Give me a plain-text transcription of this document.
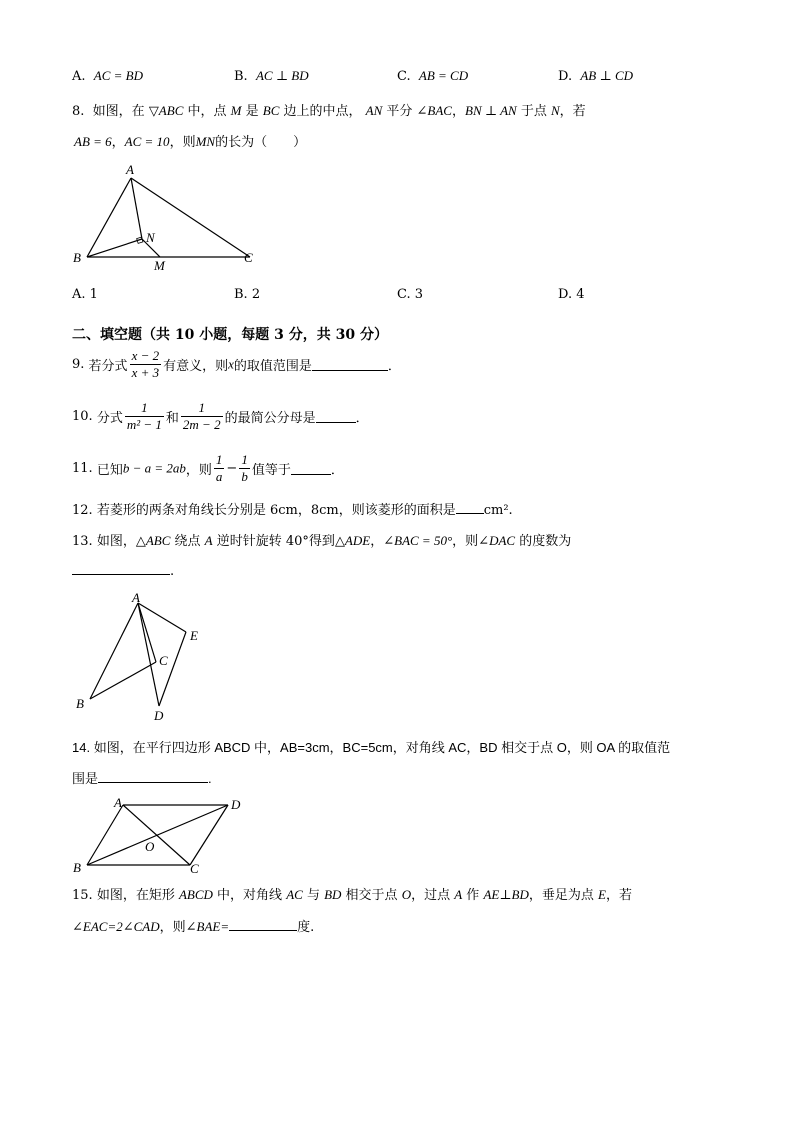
A. AC = BD	B. AC ⊥ BD	C. AB = CD	D. AB ⊥ CD
8. 如图，在 ▽ABC 中，点 M 是 BC 边上的中点， AN 平分 ∠BAC，BN ⊥ AN 于点 N，若
AB = 6，AC = 10，则MN的长为（　　）
A
B	C
N
M
A. 1	B. 2	C. 3	D. 4
二、填空题（共 10 小题，每题 3 分，共 30 分）
9. 若分式 $\frac{x - 2}{x + 3}$ 有意义，则x的取值范围是	．
10. 分式 $\frac{1}{\text{m² − 1}}$ 和 $\frac{1}{2m - 2}$ 的最简公分母是	．
11. 已知b − a = 2ab，则 $\frac{1}{a} - \frac{1}{b}$ 值等于	．
12. 若菱形的两条对角线长分别是 6cm，8cm，则该菱形的面积是 cm².
13. 如图，△ABC 绕点 A 逆时针旋转 40°得到△ADE，∠BAC = 50°，则∠DAC 的度数为
.
A
B
C
D
E
14. 如图，在平行四边形 ABCD 中，AB=3cm，BC=5cm，对角线 AC，BD 相交于点 O，则 OA 的取值范
围是	.
A
B	C
D
O
15. 如图，在矩形 ABCD 中，对角线 AC 与 BD 相交于点 O，过点 A 作 AE⊥BD，垂足为点 E，若
∠EAC=2∠CAD，则∠BAE=	度.
